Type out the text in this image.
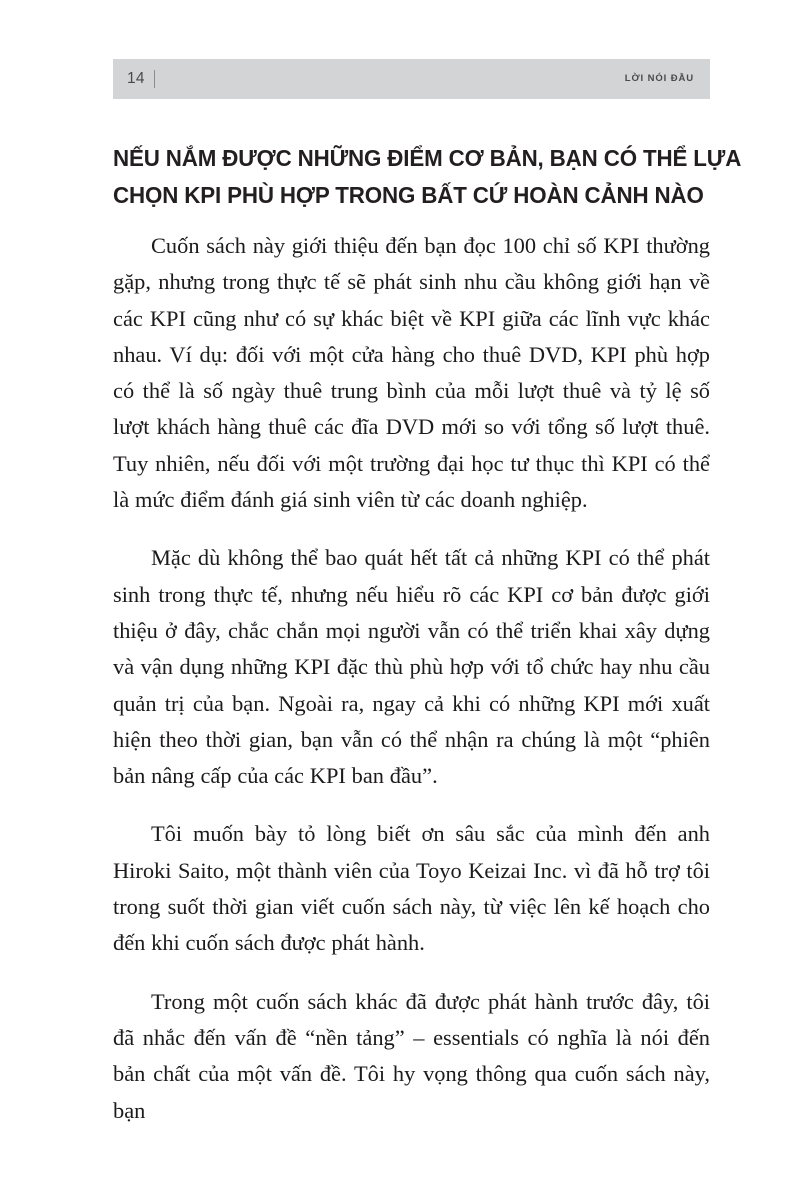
14	LỜI NÓI ĐẦU
NẾU NẮM ĐƯỢC NHỮNG ĐIỂM CƠ BẢN, BẠN CÓ THỂ LỰA
CHỌN KPI PHÙ HỢP TRONG BẤT CỨ HOÀN CẢNH NÀO

Cuốn sách này giới thiệu đến bạn đọc 100 chỉ số KPI thường gặp, nhưng trong thực tế sẽ phát sinh nhu cầu không giới hạn về các KPI cũng như có sự khác biệt về KPI giữa các lĩnh vực khác nhau. Ví dụ: đối với một cửa hàng cho thuê DVD, KPI phù hợp có thể là số ngày thuê trung bình của mỗi lượt thuê và tỷ lệ số lượt khách hàng thuê các đĩa DVD mới so với tổng số lượt thuê. Tuy nhiên, nếu đối với một trường đại học tư thục thì KPI có thể là mức điểm đánh giá sinh viên từ các doanh nghiệp.

Mặc dù không thể bao quát hết tất cả những KPI có thể phát sinh trong thực tế, nhưng nếu hiểu rõ các KPI cơ bản được giới thiệu ở đây, chắc chắn mọi người vẫn có thể triển khai xây dựng và vận dụng những KPI đặc thù phù hợp với tổ chức hay nhu cầu quản trị của bạn. Ngoài ra, ngay cả khi có những KPI mới xuất hiện theo thời gian, bạn vẫn có thể nhận ra chúng là một “phiên bản nâng cấp của các KPI ban đầu”.

Tôi muốn bày tỏ lòng biết ơn sâu sắc của mình đến anh Hiroki Saito, một thành viên của Toyo Keizai Inc. vì đã hỗ trợ tôi trong suốt thời gian viết cuốn sách này, từ việc lên kế hoạch cho đến khi cuốn sách được phát hành.

Trong một cuốn sách khác đã được phát hành trước đây, tôi đã nhắc đến vấn đề “nền tảng” – essentials có nghĩa là nói đến bản chất của một vấn đề. Tôi hy vọng thông qua cuốn sách này, bạn
